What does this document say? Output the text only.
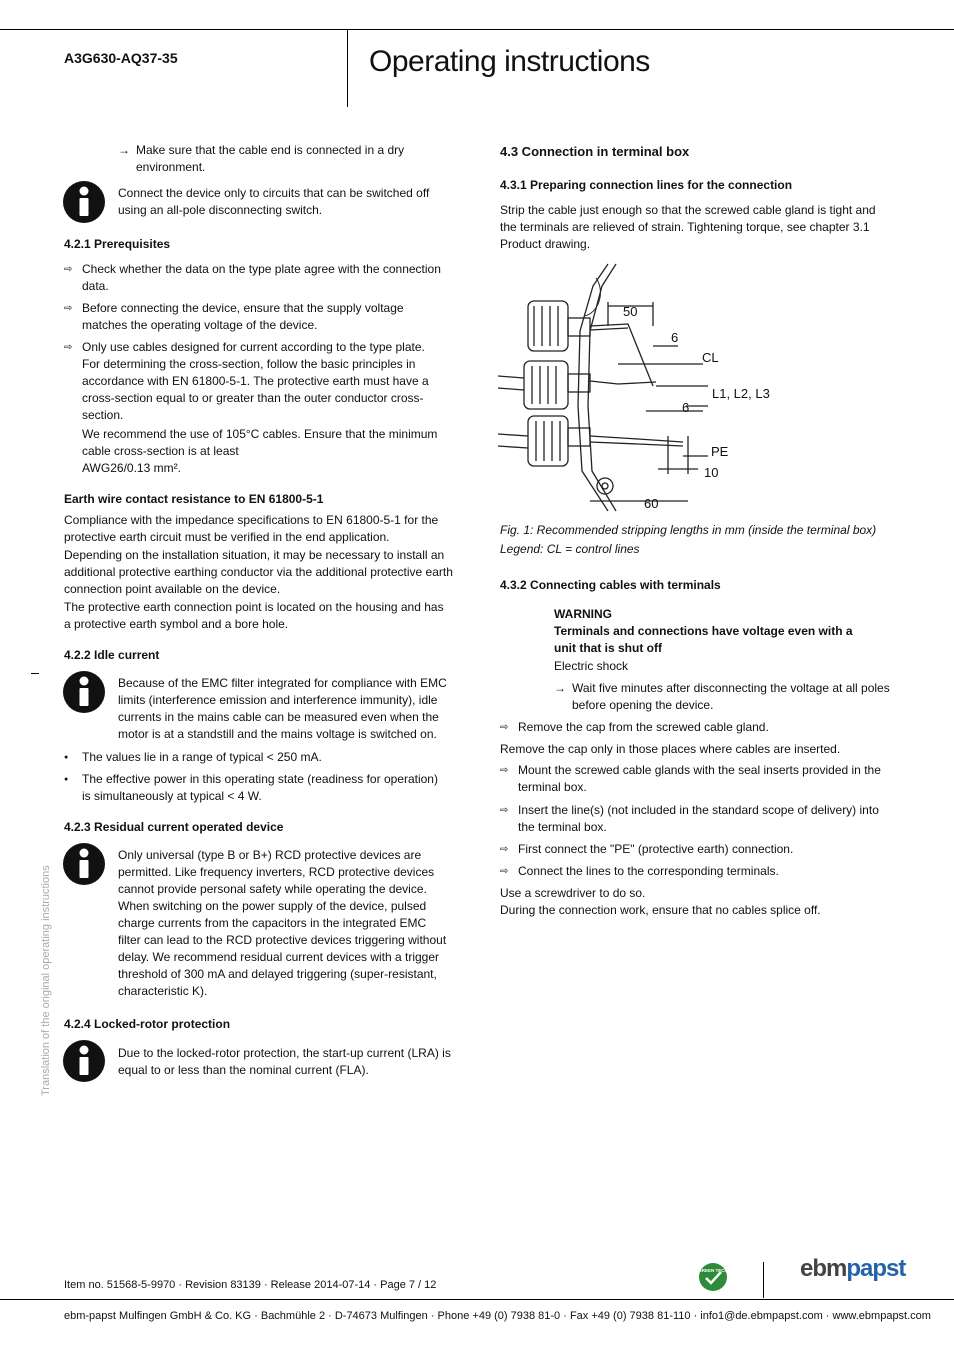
A3G630-AQ37-35	Operating instructions
→ Make sure that the cable end is connected in a dry environment.
Connect the device only to circuits that can be switched off using an all-pole disconnecting switch.
4.2.1 Prerequisites
⇨ Check whether the data on the type plate agree with the connection data.
⇨ Before connecting the device, ensure that the supply voltage matches the operating voltage of the device.
⇨ Only use cables designed for current according to the type plate.
For determining the cross-section, follow the basic principles in accordance with EN 61800-5-1. The protective earth must have a cross-section equal to or greater than the outer conductor cross-section.
We recommend the use of 105°C cables. Ensure that the minimum cable cross-section is at least
AWG26/0.13 mm².
Earth wire contact resistance to EN 61800-5-1
Compliance with the impedance specifications to EN 61800-5-1 for the protective earth circuit must be verified in the end application.
Depending on the installation situation, it may be necessary to install an additional protective earthing conductor via the additional protective earth connection point available on the device.
The protective earth connection point is located on the housing and has a protective earth symbol and a bore hole.
4.2.2 Idle current
Because of the EMC filter integrated for compliance with EMC limits (interference emission and interference immunity), idle currents in the mains cable can be measured even when the motor is at a standstill and the mains voltage is switched on.
●	The values lie in a range of typical < 250 mA.
●	The effective power in this operating state (readiness for operation) is simultaneously at typical < 4 W.
4.2.3 Residual current operated device
Only universal (type B or B+) RCD protective devices are permitted. Like frequency inverters, RCD protective devices cannot provide personal safety while operating the device. When switching on the power supply of the device, pulsed charge currents from the capacitors in the integrated EMC filter can lead to the RCD protective devices triggering without delay. We recommend residual current devices with a trigger threshold of 300 mA and delayed triggering (super-resistant, characteristic K).
4.2.4 Locked-rotor protection
Due to the locked-rotor protection, the start-up current (LRA) is equal to or less than the nominal current (FLA).
Translation of the original operating instructions
4.3 Connection in terminal box
4.3.1 Preparing connection lines for the connection
Strip the cable just enough so that the screwed cable gland is tight and the terminals are relieved of strain. Tightening torque, see chapter 3.1 Product drawing.
50
6
CL
L1, L2, L3
6
PE
10
60
Fig. 1: Recommended stripping lengths in mm (inside the terminal box)
Legend: CL = control lines
4.3.2 Connecting cables with terminals
WARNING
Terminals and connections have voltage even with a unit that is shut off
Electric shock
→ Wait five minutes after disconnecting the voltage at all poles before opening the device.
⇨ Remove the cap from the screwed cable gland.
Remove the cap only in those places where cables are inserted.
⇨ Mount the screwed cable glands with the seal inserts provided in the terminal box.
⇨ Insert the line(s) (not included in the standard scope of delivery) into the terminal box.
⇨ First connect the "PE" (protective earth) connection.
⇨ Connect the lines to the corresponding terminals.
Use a screwdriver to do so.
During the connection work, ensure that no cables splice off.
Item no. 51568-5-9970 · Revision 83139 · Release 2014-07-14 · Page 7 / 12
GREEN TECH	ebmpapst
ebm-papst Mulfingen GmbH & Co. KG · Bachmühle 2 · D-74673 Mulfingen · Phone +49 (0) 7938 81-0 · Fax +49 (0) 7938 81-110 · info1@de.ebmpapst.com · www.ebmpapst.com
